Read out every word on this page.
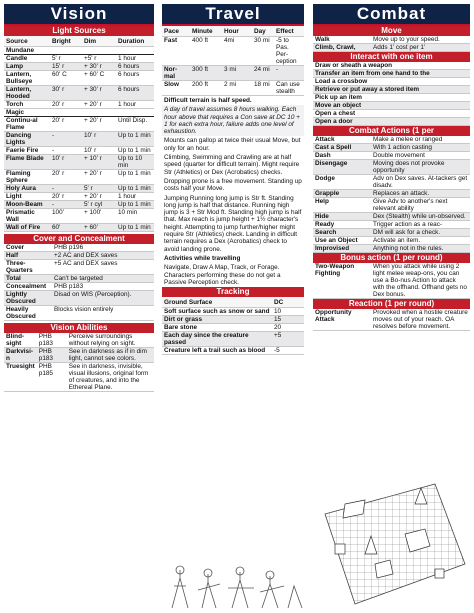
Vision
Light Sources
Source	Bright	Dim	Duration
Mundane			
Candle	5' r	+5' r	1 hour
Lamp	15' r	+ 30' r	6 hours
Lantern, Bullseye	60' C	+ 60' C	6 hours
Lantern, Hooded	30' r	+ 30' r	6 hours
Torch	20' r	+ 20' r	1 hour
Magic			
Continu-al Flame	20' r	+ 20' r	Until Disp.
Dancing Lights	-	10' r	Up to 1 min
Faerie Fire	-	10' r	Up to 1 min
Flame Blade	10' r	+ 10' r	Up to 10 min
Flaming Sphere	20' r	+ 20' r	Up to 1 min
Holy Aura	-	5' r	Up to 1 min
Light	20' r	+ 20' r	1 hour
Moon-Beam	-	5' r cyl	Up to 1 min
Prismatic Wall	100'	+ 100'	10 min
Wall of Fire	60'	+ 60'	Up to 1 min
Cover and Concealment
Cover	PHB p196
Half	+2 AC and DEX saves
Three-Quarters	+5 AC and DEX saves
Total	Can't be targeted
Concealment	PHB p183
Lightly Obscured	Disad on WIS (Perception).
Heavily Obscured	Blocks vision entirely
Vision Abilities
Blind-sight	PHB p183	Perceive surroundings without relying on sight.
Darkvisi-n	PHB p183	See in darkness as if in dim light, cannot see colors.
Truesight	PHB p185	See in darkness, invisible, visual illusions, original form of creatures, and into the Ethereal Plane.
Travel
Pace	Minute	Hour	Day	Effect
Fast	400 ft	4mi	30 mi	-5 to Pas. Per-ception
Nor-mal	300 ft	3 mi	24 mi	-
Slow	200 ft	2 mi	18 mi	Can use stealth
Difficult terrain is half speed.
A day of travel assumes 8 hours walking. Each hour above that requires a Con save at DC 10 + 1 for each extra hour, failure adds one level of exhaustion.
Mounts can gallop at twice their usual Move, but only for an hour.
Climbing, Swimming and Crawling are at half speed (quarter for difficult terrain). Might require Str (Athletics) or Dex (Acrobatics) checks.
Dropping prone is a free movement. Standing up costs half your Move.
Jumping Running long jump is Str ft. Standing long jump is half that distance. Running high jump is 3 + Str Mod ft. Standing high jump is half that. Max reach is jump height + 1½ character's height. Attempting to jump further/higher might require Str (Athletics) check. Landing in difficult terrain requires a Dex (Acrobatics) check to avoid landing prone.
Activities while travelling
Navigate, Draw A Map, Track, or Forage. Characters performing these do not get a Passive Perception check.
Tracking
Ground Surface	DC
Soft surface such as snow or sand	10
Dirt or grass	15
Bare stone	20
Each day since the creature passed	+5
Creature left a trail such as blood	-5
Combat
Move
Walk	Move up to your speed.
Climb, Crawl,	Adds 1' cost per 1'
Interact with one item
Draw or sheath a weapon
Transfer an item from one hand to the
Load a crossbow
Retrieve or put away a stored item
Pick up an item
Move an object
Open a chest
Open a door
Combat Actions (1 per
Attack	Make a melee or ranged
Cast a Spell	With 1 action casting
Dash	Double movement
Disengage	Moving does not provoke opportunity
Dodge	Adv on Dex saves. At-tackers get disadv.
Grapple	Replaces an attack.
Help	Give Adv to another's next relevant ability
Hide	Dex (Stealth) while un-observed.
Ready	Trigger action as a reac-
Search	DM will ask for a check.
Use an Object	Activate an item.
Improvised	Anything not in the rules.
Bonus action (1 per round)
Two-Weapon Fighting	When you attack while using 2 light melee weap-ons, you can use a Bo-nus Action to attack with the offhand. Offhand gets no Dex bonus.
Reaction (1 per round)
Opportunity Attack	Provoked when a hostile creature moves out of your reach. OA resolves before movement.
